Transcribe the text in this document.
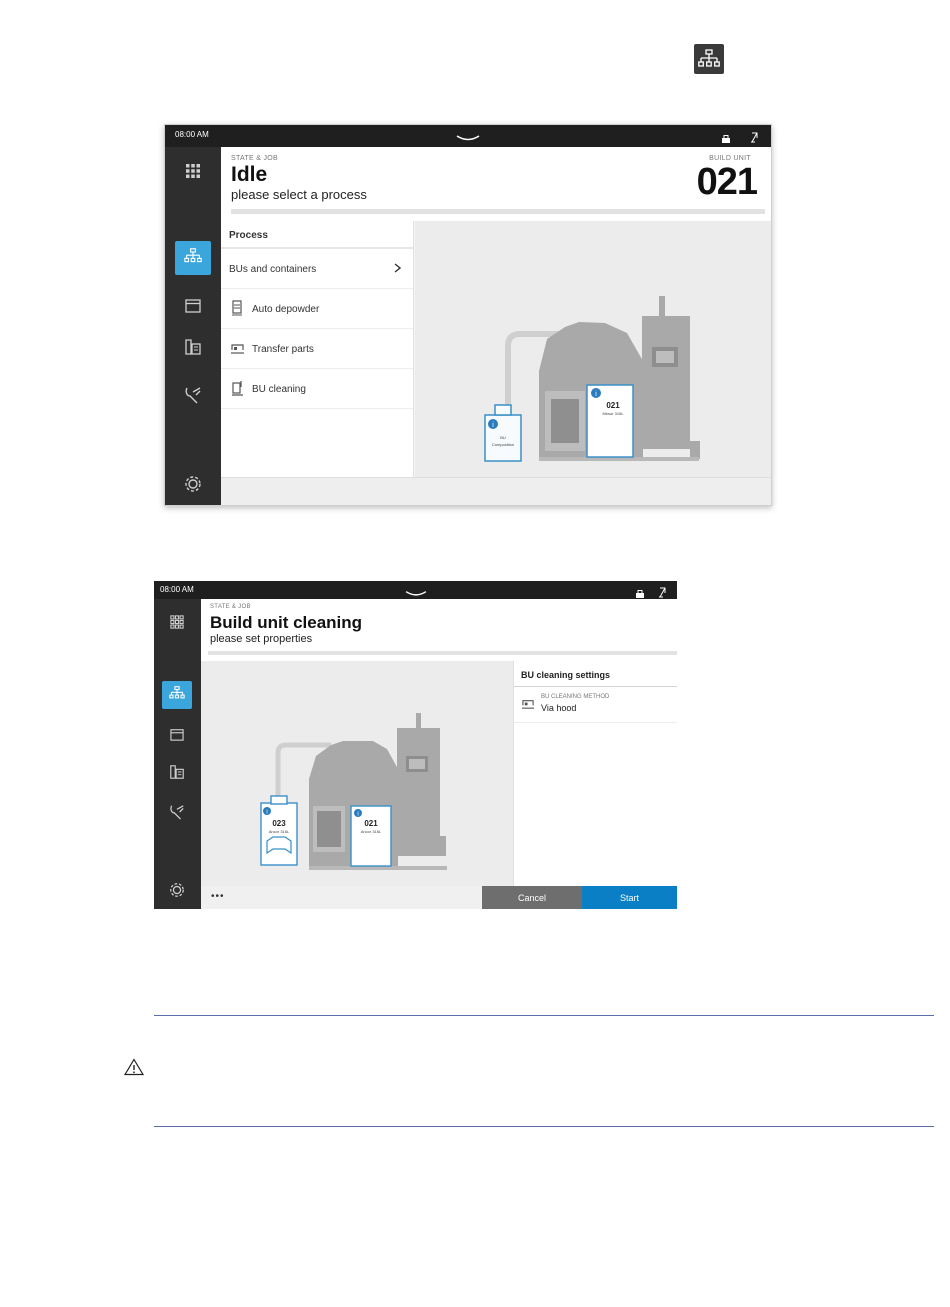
08:00 AM
STATE & JOB
Idle
please select a process
BUILD UNIT
021
Process
BUs and containers
Auto depowder
Transfer parts
BU cleaning	i
i
021
Mesor 316L
BU
Composition
08:00 AM
STATE & JOB
Build unit cleaning
please set properties
i	i
023
Ancor 316L
021
Ancor 316L
BU cleaning settings
BU CLEANING METHOD
Via hood
•••	Cancel	Start
